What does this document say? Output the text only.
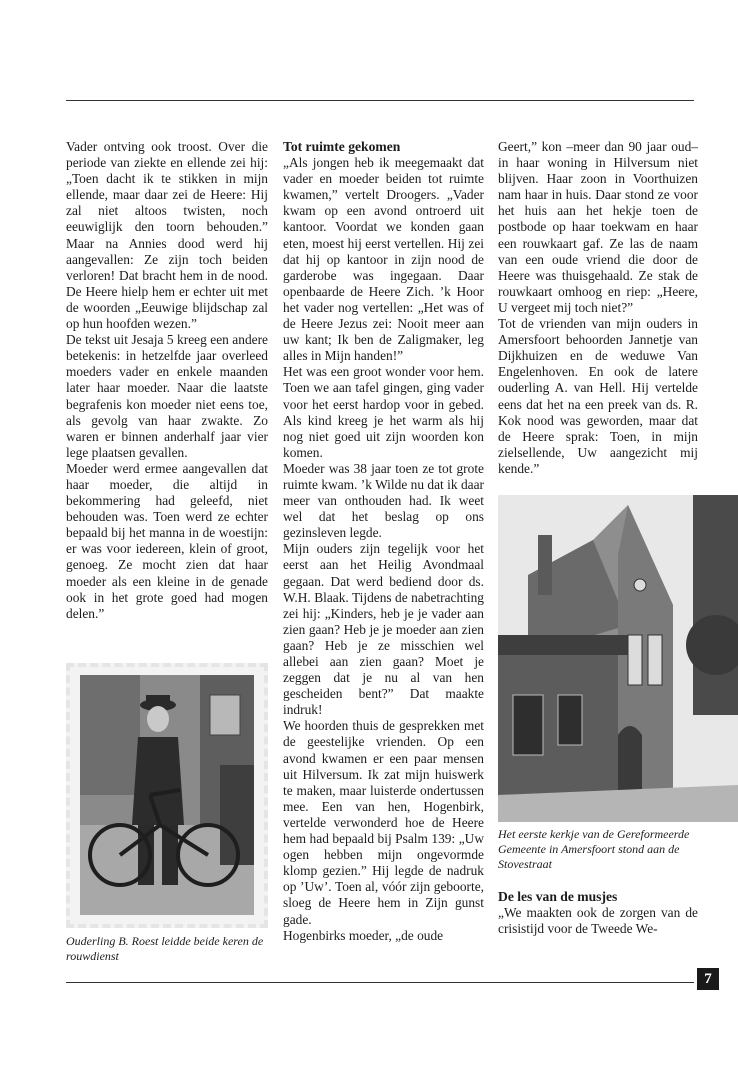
Vader ontving ook troost. Over die periode van ziekte en ellende zei hij: „Toen dacht ik te stikken in mijn ellende, maar daar zei de Heere: Hij zal niet altoos twisten, noch eeuwiglijk den toorn behouden.” Maar na Annies dood werd hij aangevallen: Ze zijn toch beiden verloren! Dat bracht hem in de nood. De Heere hielp hem er echter uit met de woorden „Eeuwige blijdschap zal op hun hoofden wezen.”

De tekst uit Jesaja 5 kreeg een andere betekenis: in hetzelfde jaar overleed moeders vader en enkele maanden later haar moeder. Naar die laatste begrafenis kon moeder niet eens toe, als gevolg van haar zwakte. Zo waren er binnen anderhalf jaar vier lege plaatsen gevallen.

Moeder werd ermee aangevallen dat haar moeder, die altijd in bekommering had geleefd, niet behouden was. Toen werd ze echter bepaald bij het manna in de woestijn: er was voor iedereen, klein of groot, genoeg. Ze mocht zien dat haar moeder als een kleine in de genade ook in het grote goed had mogen delen.”

Ouderling B. Roest leidde beide keren de rouwdienst

Tot ruimte gekomen

„Als jongen heb ik meegemaakt dat vader en moeder beiden tot ruimte kwamen,” vertelt Droogers. „Vader kwam op een avond ontroerd uit kantoor. Voordat we konden gaan eten, moest hij eerst vertellen. Hij zei dat hij op kantoor in zijn nood de garderobe was ingegaan. Daar openbaarde de Heere Zich. ’k Hoor het vader nog vertellen: „Het was of de Heere Jezus zei: Nooit meer aan uw kant; Ik ben de Zaligmaker, leg alles in Mijn handen!”

Het was een groot wonder voor hem. Toen we aan tafel gingen, ging vader voor het eerst hardop voor in gebed. Als kind kreeg je het warm als hij nog niet goed uit zijn woorden kon komen.

Moeder was 38 jaar toen ze tot grote ruimte kwam. ’k Wilde nu dat ik daar meer van onthouden had. Ik weet wel dat het beslag op ons gezinsleven legde.

Mijn ouders zijn tegelijk voor het eerst aan het Heilig Avondmaal gegaan. Dat werd bediend door ds. W.H. Blaak. Tijdens de nabetrachting zei hij: „Kinders, heb je je vader aan zien gaan? Heb je je moeder aan zien gaan? Heb je ze misschien wel allebei aan zien gaan? Moet je zeggen dat je nu al van hen gescheiden bent?” Dat maakte indruk!

We hoorden thuis de gesprekken met de geestelijke vrienden. Op een avond kwamen er een paar mensen uit Hilversum. Ik zat mijn huiswerk te maken, maar luisterde ondertussen mee. Een van hen, Hogenbirk, vertelde verwonderd hoe de Heere hem had bepaald bij Psalm 139: „Uw ogen hebben mijn ongevormde klomp gezien.” Hij legde de nadruk op ’Uw’. Toen al, vóór zijn geboorte, sloeg de Heere hem in Zijn gunst gade.

Hogenbirks moeder, „de oude

Geert,” kon –meer dan 90 jaar oud– in haar woning in Hilversum niet blijven. Haar zoon in Voorthuizen nam haar in huis. Daar stond ze voor het huis aan het hekje toen de postbode op haar toekwam en haar een rouwkaart gaf. Ze las de naam van een oude vriend die door de Heere was thuisgehaald. Ze stak de rouwkaart omhoog en riep: „Heere, U vergeet mij toch niet?”

Tot de vrienden van mijn ouders in Amersfoort behoorden Jannetje van Dijkhuizen en de weduwe Van Engelenhoven. En ook de latere ouderling A. van Hell. Hij vertelde eens dat het na een preek van ds. R. Kok nood was geworden, maar dat de Heere sprak: Toen, in mijn zielsellende, Uw aangezicht mij kende.”

Het eerste kerkje van de Gereformeerde Gemeente in Amersfoort stond aan de Stovestraat

De les van de musjes

„We maakten ook de zorgen van de crisistijd voor de Tweede We-

7
